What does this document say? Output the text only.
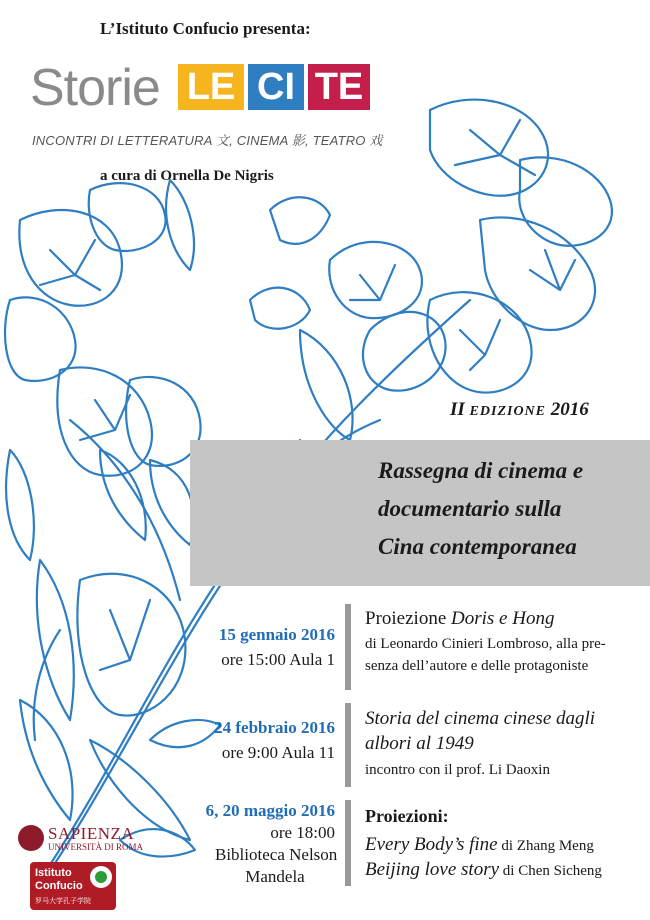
L’Istituto Confucio presenta:
Storie LE CI TE
INCONTRI DI LETTERATURA 文, CINEMA 影, TEATRO 戏
a cura di Ornella De Nigris
II EDIZIONE 2016
Rassegna di cinema e
documentario sulla
Cina contemporanea
15 gennaio 2016
ore 15:00 Aula 1
Proiezione Doris e Hong
di Leonardo Cinieri Lombroso, alla pre-
senza dell’autore e delle protagoniste
24 febbraio 2016
ore 9:00 Aula 11
Storia del cinema cinese dagli
albori al 1949
incontro con il prof. Li Daoxin
6, 20 maggio 2016
ore 18:00
Biblioteca Nelson
Mandela
Proiezioni:
Every Body’s fine di Zhang Meng
Beijing love story di Chen Sicheng
SAPIENZA
UNIVERSITÀ DI ROMA
Istituto
Confucio
罗马大学孔子学院
